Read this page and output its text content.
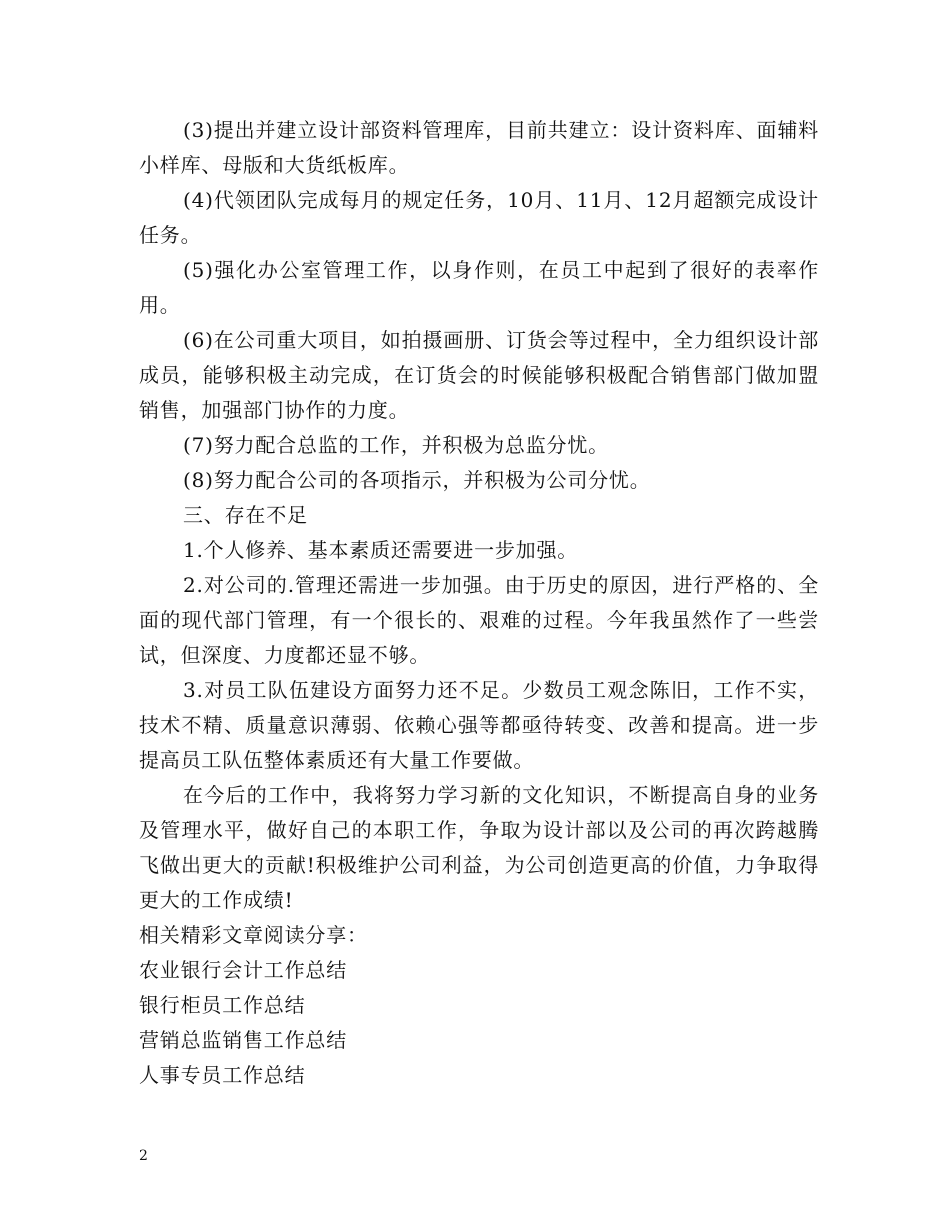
(3)提出并建立设计部资料管理库，目前共建立：设计资料库、面辅料小样库、母版和大货纸板库。

(4)代领团队完成每月的规定任务，10月、11月、12月超额完成设计任务。

(5)强化办公室管理工作，以身作则，在员工中起到了很好的表率作用。

(6)在公司重大项目，如拍摄画册、订货会等过程中，全力组织设计部成员，能够积极主动完成，在订货会的时候能够积极配合销售部门做加盟销售，加强部门协作的力度。

(7)努力配合总监的工作，并积极为总监分忧。

(8)努力配合公司的各项指示，并积极为公司分忧。

三、存在不足

1.个人修养、基本素质还需要进一步加强。

2.对公司的.管理还需进一步加强。由于历史的原因，进行严格的、全面的现代部门管理，有一个很长的、艰难的过程。今年我虽然作了一些尝试，但深度、力度都还显不够。

3.对员工队伍建设方面努力还不足。少数员工观念陈旧，工作不实，技术不精、质量意识薄弱、依赖心强等都亟待转变、改善和提高。进一步提高员工队伍整体素质还有大量工作要做。

在今后的工作中，我将努力学习新的文化知识，不断提高自身的业务及管理水平，做好自己的本职工作，争取为设计部以及公司的再次跨越腾飞做出更大的贡献!积极维护公司利益，为公司创造更高的价值，力争取得更大的工作成绩!

相关精彩文章阅读分享：

农业银行会计工作总结

银行柜员工作总结

营销总监销售工作总结

人事专员工作总结

2
